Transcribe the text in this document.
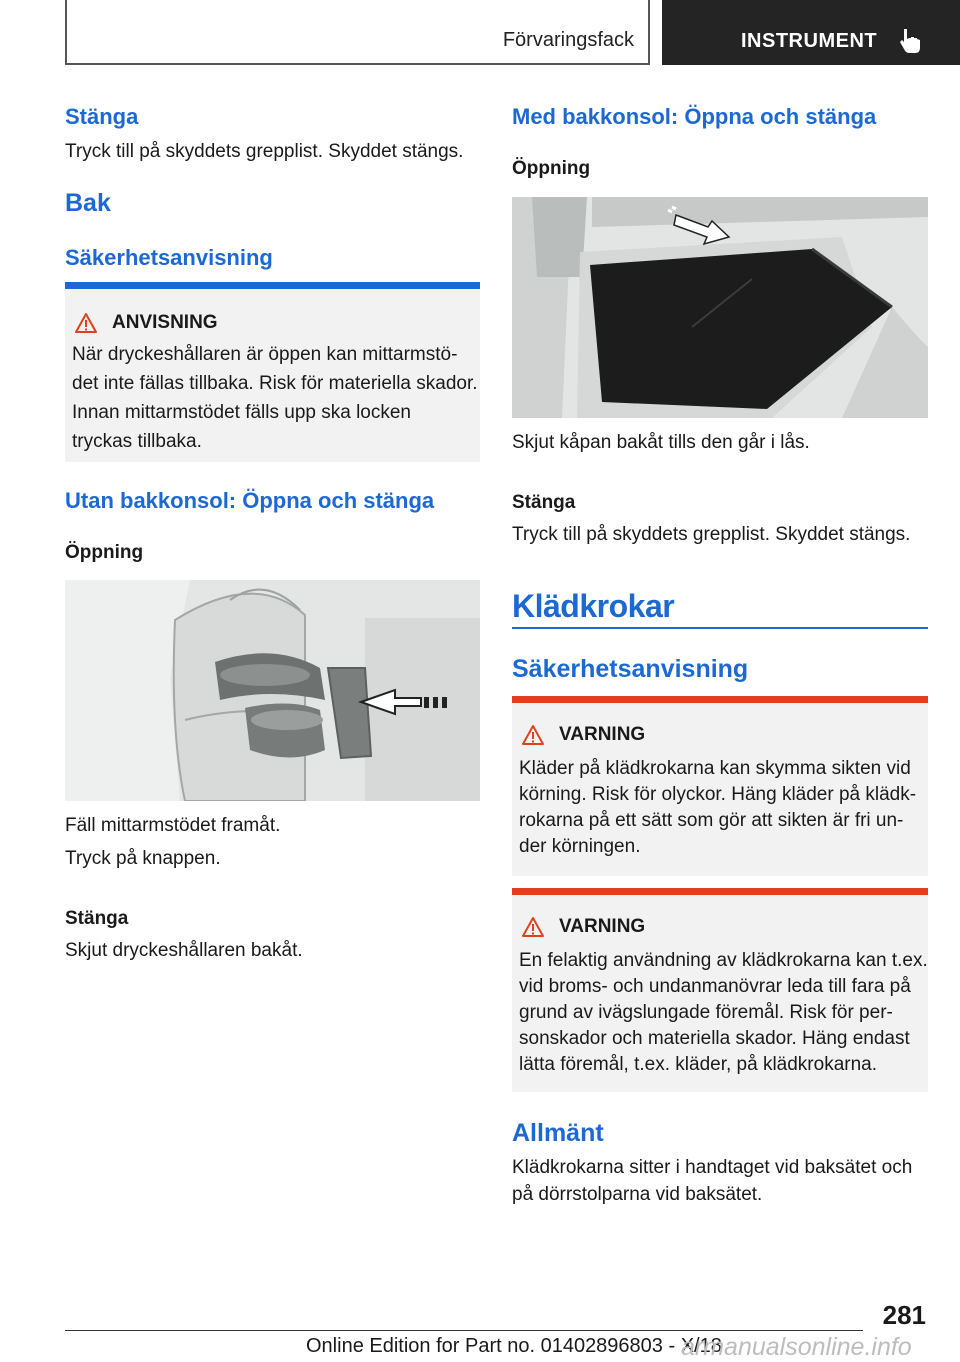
Förvaringsfack	INSTRUMENT
Stänga
Tryck till på skyddets grepplist. Skyddet stängs.
Bak
Säkerhetsanvisning
ANVISNING
När dryckeshållaren är öppen kan mittarmstö-
det inte fällas tillbaka. Risk för materiella skador.
Innan mittarmstödet fälls upp ska locken
tryckas tillbaka.
Utan bakkonsol: Öppna och stänga
Öppning
Fäll mittarmstödet framåt.
Tryck på knappen.
Stänga
Skjut dryckeshållaren bakåt.
Med bakkonsol: Öppna och stänga
Öppning
Skjut kåpan bakåt tills den går i lås.
Stänga
Tryck till på skyddets grepplist. Skyddet stängs.
Klädkrokar
Säkerhetsanvisning
VARNING
Kläder på klädkrokarna kan skymma sikten vid
körning. Risk för olyckor. Häng kläder på klädk-
rokarna på ett sätt som gör att sikten är fri un-
der körningen.
VARNING
En felaktig användning av klädkrokarna kan t.ex.
vid broms- och undanmanövrar leda till fara på
grund av ivägslungade föremål. Risk för per-
sonskador och materiella skador. Häng endast
lätta föremål, t.ex. kläder, på klädkrokarna.
Allmänt
Klädkrokarna sitter i handtaget vid baksätet och
på dörrstolparna vid baksätet.
281
Online Edition for Part no. 01402896803 - X/18
armanualsonline.info
